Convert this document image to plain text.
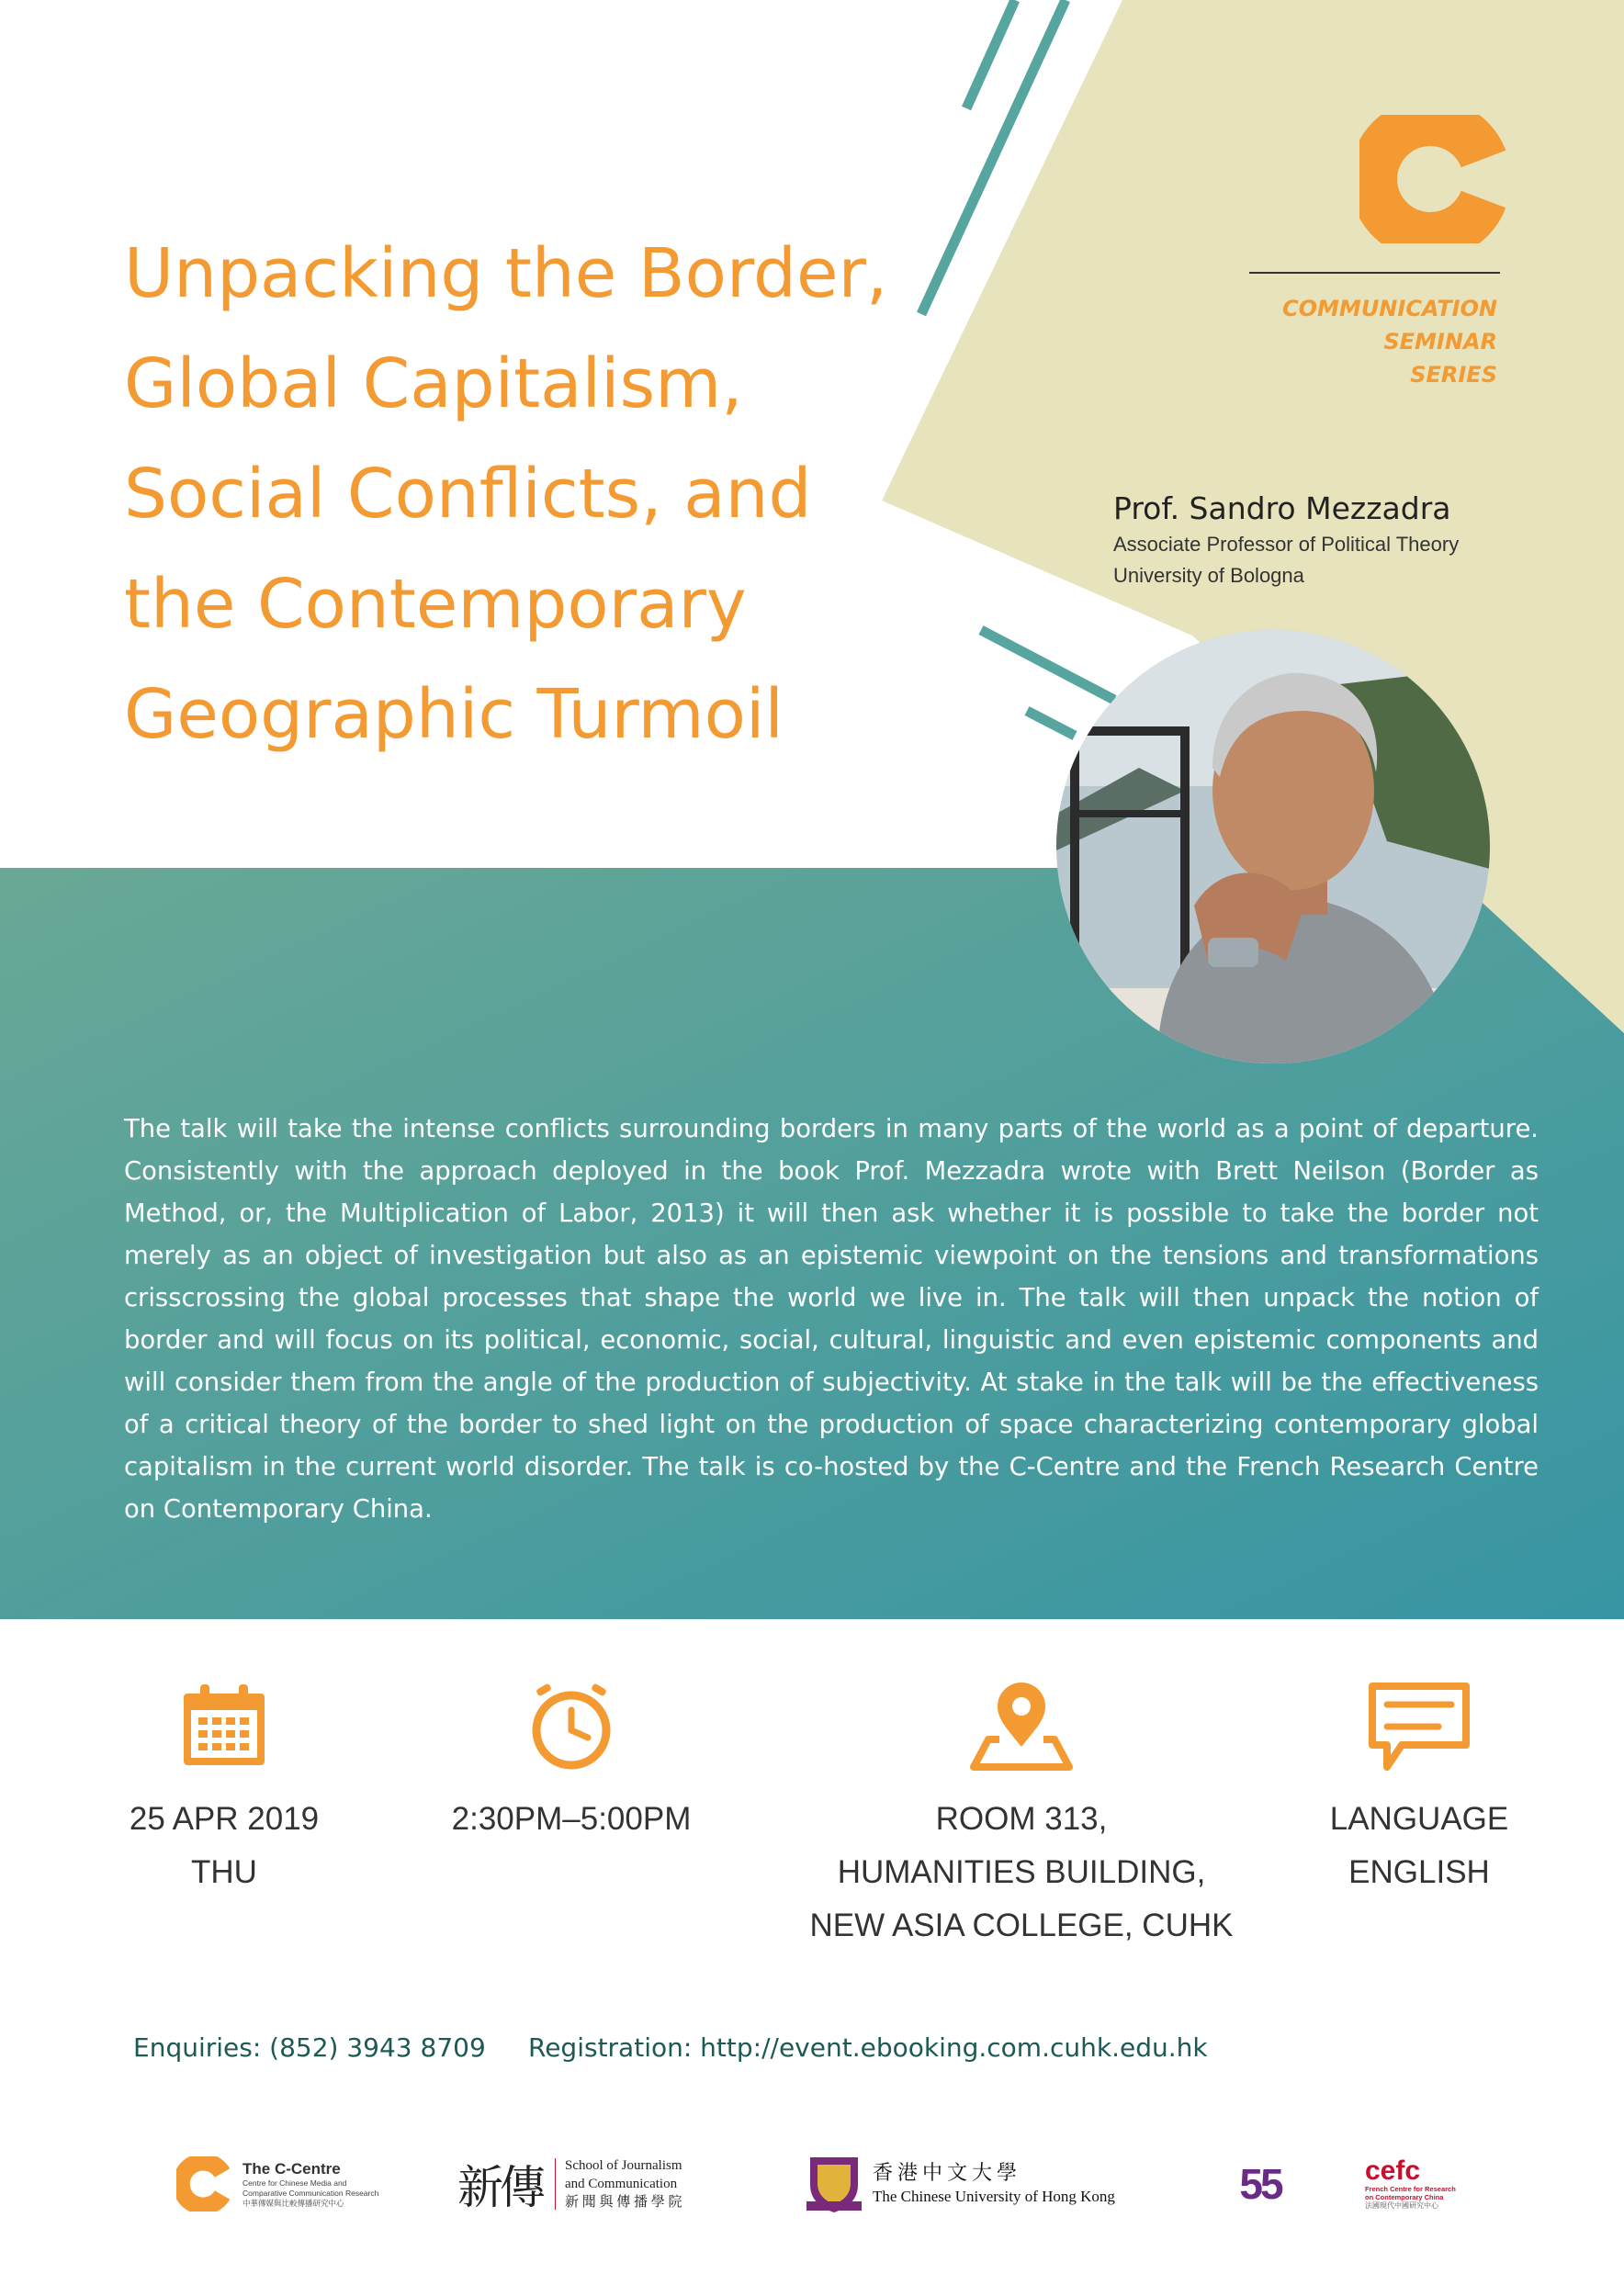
Unpacking the Border,
Global Capitalism,
Social Conflicts, and
the Contemporary
Geographic Turmoil
COMMUNICATION
SEMINAR
SERIES
Prof. Sandro Mezzadra
Associate Professor of Political Theory
University of Bologna
The talk will take the intense conflicts surrounding borders in many parts of the world as a point of departure. Consistently with the approach deployed in the book Prof. Mezzadra wrote with Brett Neilson (Border as Method, or, the Multiplication of Labor, 2013) it will then ask whether it is possible to take the border not merely as an object of investigation but also as an epistemic viewpoint on the tensions and transformations crisscrossing the global processes that shape the world we live in. The talk will then unpack the notion of border and will focus on its political, economic, social, cultural, linguistic and even epistemic components and will consider them from the angle of the production of subjectivity. At stake in the talk will be the effectiveness of a critical theory of the border to shed light on the production of space characterizing contemporary global capitalism in the current world disorder. The talk is co-hosted by the C-Centre and the French Research Centre on Contemporary China.
25 APR 2019
THU
2:30PM–5:00PM	ROOM 313,
HUMANITIES BUILDING,
NEW ASIA COLLEGE, CUHK
LANGUAGE
ENGLISH
Enquiries: (852) 3943 8709 Registration: http://event.ebooking.com.cuhk.edu.hk
The C-Centre
Centre for Chinese Media and
Comparative Communication Research
中華傳媒與比較傳播研究中心	新傳 School of Journalism
and Communication
新 聞 與 傳 播 學 院
香港中文大學
The Chinese University of Hong Kong	55	cefc
French Centre for Research
on Contemporary China
法國現代中國研究中心
